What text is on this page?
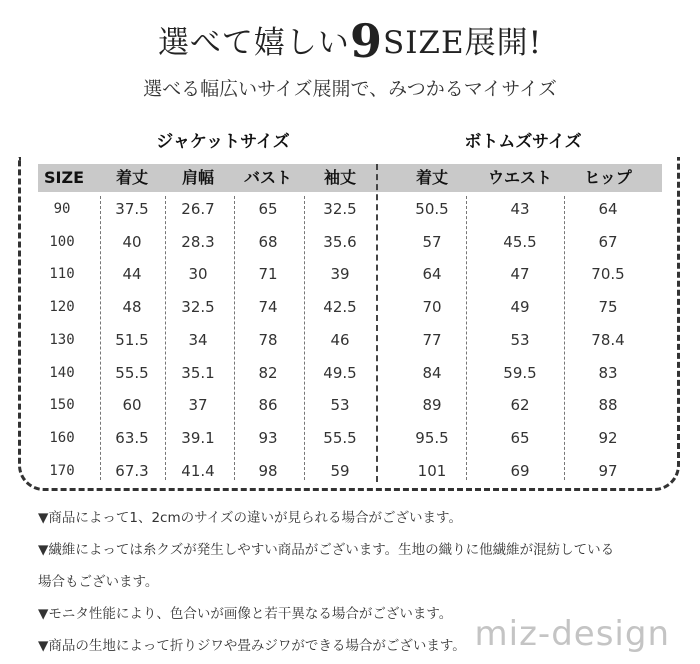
選べて嬉しい9SIZE展開!
選べる幅広いサイズ展開で、みつかるマイサイズ
ジャケットサイズ	ボトムズサイズ
SIZE	着丈	肩幅	バスト	袖丈	着丈	ウエスト	ヒップ
90	37.5	26.7	65	32.5	50.5	43	64
100	40	28.3	68	35.6	57	45.5	67
110	44	30	71	39	64	47	70.5
120	48	32.5	74	42.5	70	49	75
130	51.5	34	78	46	77	53	78.4
140	55.5	35.1	82	49.5	84	59.5	83
150	60	37	86	53	89	62	88
160	63.5	39.1	93	55.5	95.5	65	92
170	67.3	41.4	98	59	101	69	97
▼商品によって1、2cmのサイズの違いが見られる場合がございます。
▼繊維によっては糸クズが発生しやすい商品がございます。生地の織りに他繊維が混紡している
場合もございます。
▼モニタ性能により、色合いが画像と若干異なる場合がございます。
▼商品の生地によって折りジワや畳みジワができる場合がございます。 miz-design
